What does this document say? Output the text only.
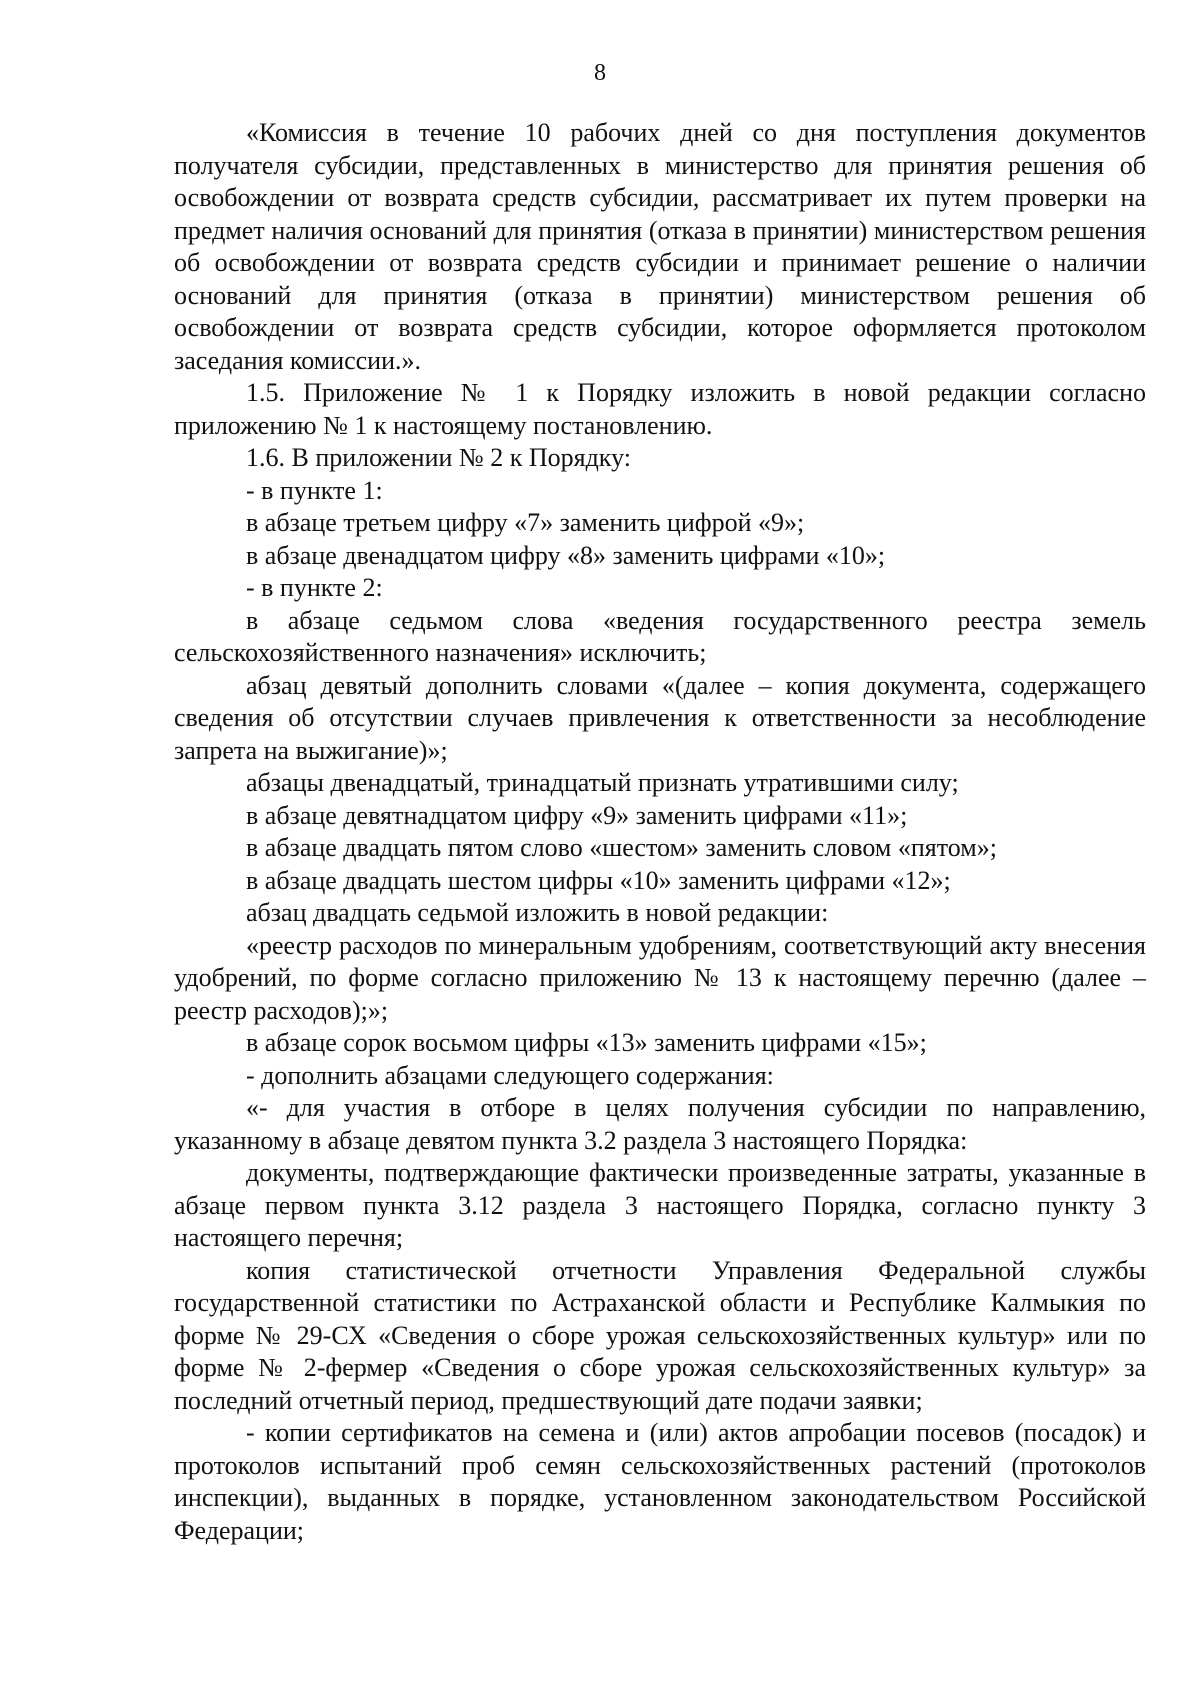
8

«Комиссия в течение 10 рабочих дней со дня поступления документов получателя субсидии, представленных в министерство для принятия решения об освобождении от возврата средств субсидии, рассматривает их путем проверки на предмет наличия оснований для принятия (отказа в принятии) министерством решения об освобождении от возврата средств субсидии и принимает решение о наличии оснований для принятия (отказа в принятии) министерством решения об освобождении от возврата средств субсидии, которое оформляется протоколом заседания комиссии.».

1.5. Приложение № 1 к Порядку изложить в новой редакции согласно приложению № 1 к настоящему постановлению.

1.6. В приложении № 2 к Порядку:

- в пункте 1:

в абзаце третьем цифру «7» заменить цифрой «9»;

в абзаце двенадцатом цифру «8» заменить цифрами «10»;

- в пункте 2:

в абзаце седьмом слова «ведения государственного реестра земель сельскохозяйственного назначения» исключить;

абзац девятый дополнить словами «(далее – копия документа, содержащего сведения об отсутствии случаев привлечения к ответственности за несоблюдение запрета на выжигание)»;

абзацы двенадцатый, тринадцатый признать утратившими силу;

в абзаце девятнадцатом цифру «9» заменить цифрами «11»;

в абзаце двадцать пятом слово «шестом» заменить словом «пятом»;

в абзаце двадцать шестом цифры «10» заменить цифрами «12»;

абзац двадцать седьмой изложить в новой редакции:

«реестр расходов по минеральным удобрениям, соответствующий акту внесения удобрений, по форме согласно приложению № 13 к настоящему перечню (далее – реестр расходов);»;

в абзаце сорок восьмом цифры «13» заменить цифрами «15»;

- дополнить абзацами следующего содержания:

«- для участия в отборе в целях получения субсидии по направлению, указанному в абзаце девятом пункта 3.2 раздела 3 настоящего Порядка:

документы, подтверждающие фактически произведенные затраты, указанные в абзаце первом пункта 3.12 раздела 3 настоящего Порядка, согласно пункту 3 настоящего перечня;

копия статистической отчетности Управления Федеральной службы государственной статистики по Астраханской области и Республике Калмыкия по форме № 29-СХ «Сведения о сборе урожая сельскохозяйственных культур» или по форме № 2-фермер «Сведения о сборе урожая сельскохозяйственных культур» за последний отчетный период, предшествующий дате подачи заявки;

- копии сертификатов на семена и (или) актов апробации посевов (посадок) и протоколов испытаний проб семян сельскохозяйственных растений (протоколов инспекции), выданных в порядке, установленном законодательством Российской Федерации;
